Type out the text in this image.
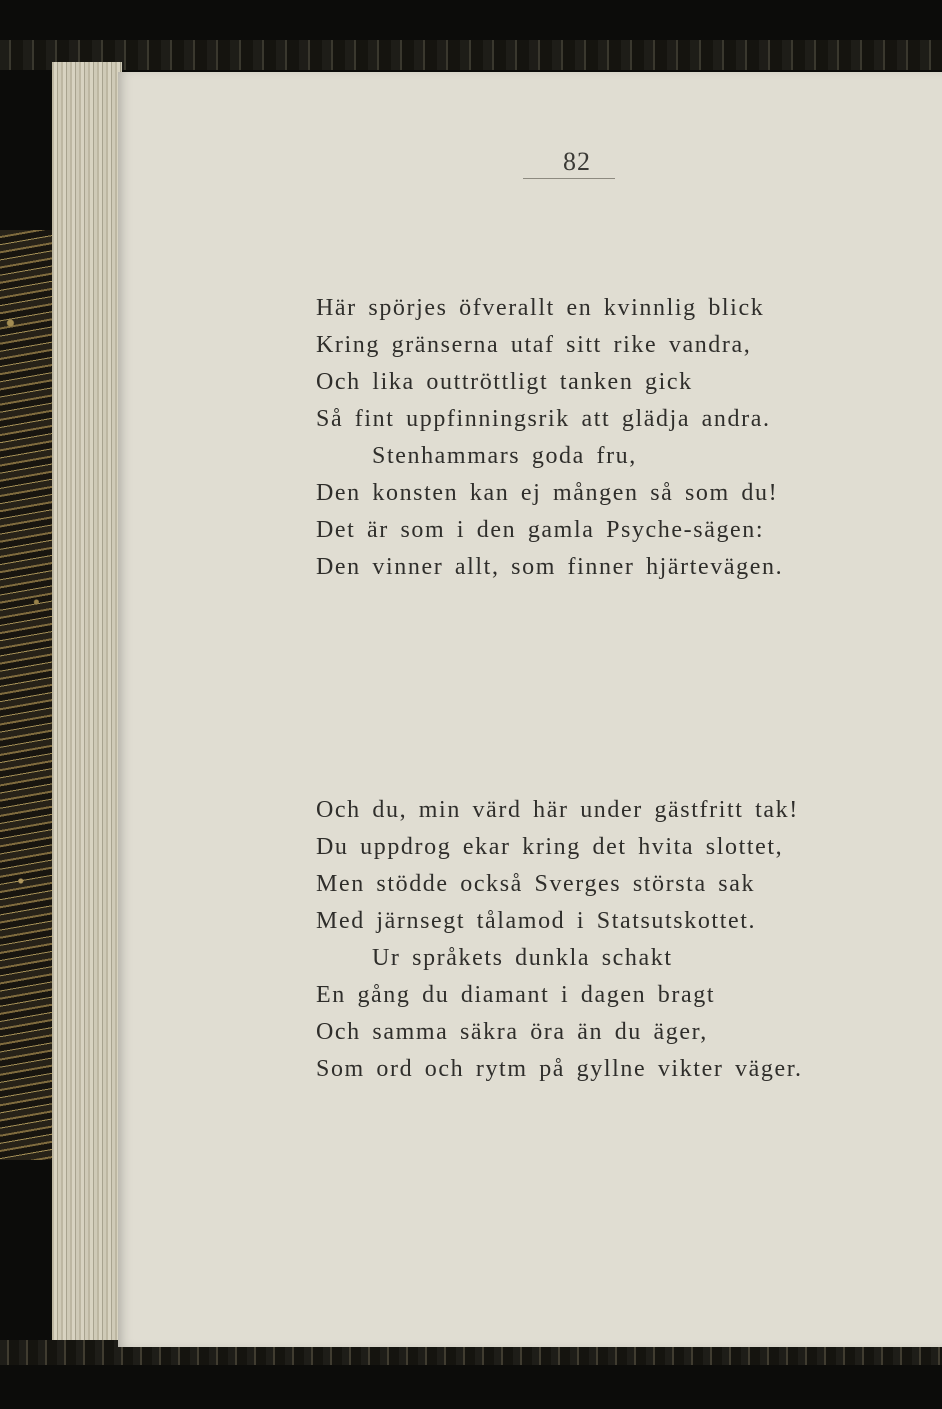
82
Här spörjes öfverallt en kvinnlig blick
Kring gränserna utaf sitt rike vandra,
Och lika outtröttligt tanken gick
Så fint uppfinningsrik att glädja andra.
Stenhammars goda fru,
Den konsten kan ej mången så som du!
Det är som i den gamla Psyche-sägen:
Den vinner allt, som finner hjärtevägen.
Och du, min värd här under gästfritt tak!
Du uppdrog ekar kring det hvita slottet,
Men stödde också Sverges största sak
Med järnsegt tålamod i Statsutskottet.
Ur språkets dunkla schakt
En gång du diamant i dagen bragt
Och samma säkra öra än du äger,
Som ord och rytm på gyllne vikter väger.
